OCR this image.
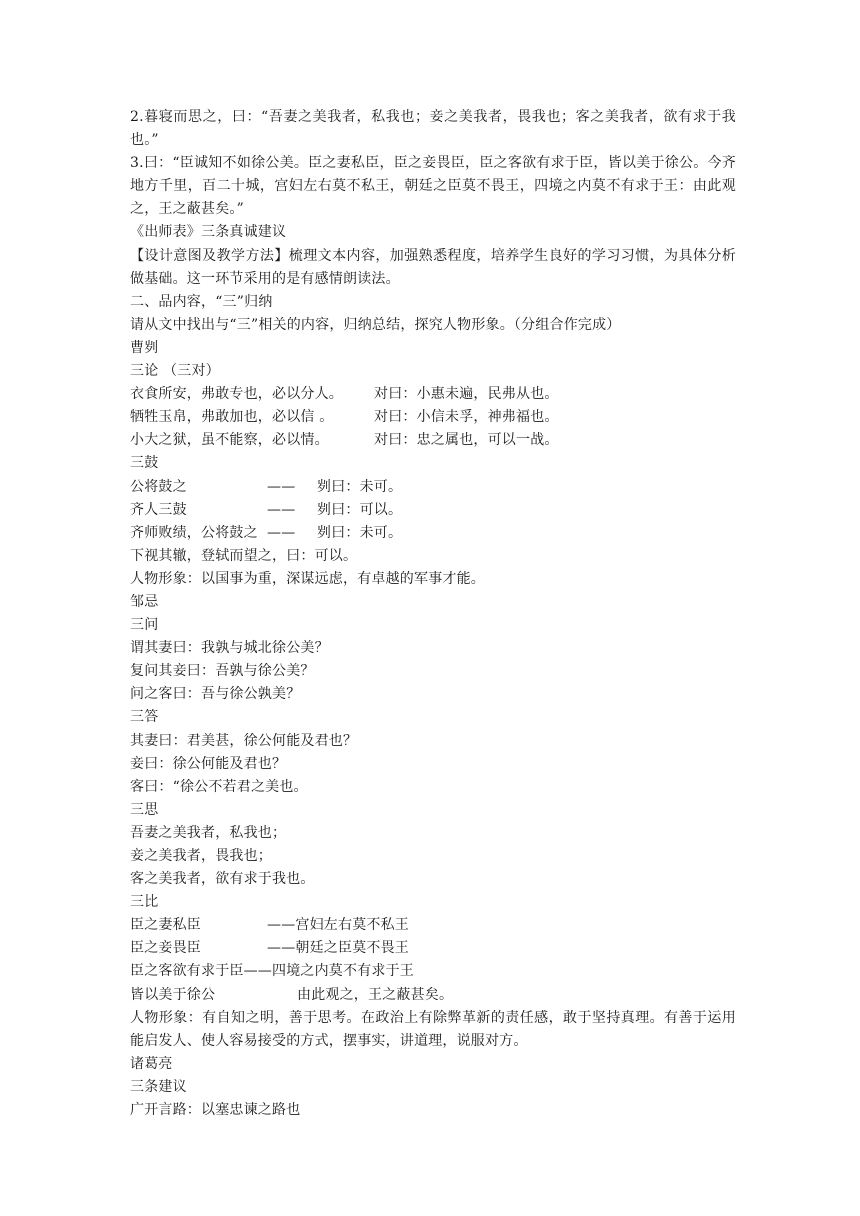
2.暮寝而思之，曰：“吾妻之美我者，私我也；妾之美我者，畏我也；客之美我者，欲有求于我也。”
3.曰：“臣诚知不如徐公美。臣之妻私臣，臣之妾畏臣，臣之客欲有求于臣，皆以美于徐公。今齐地方千里，百二十城，宫妇左右莫不私王，朝廷之臣莫不畏王，四境之内莫不有求于王：由此观之，王之蔽甚矣。”
《出师表》三条真诚建议
【设计意图及教学方法】梳理文本内容，加强熟悉程度，培养学生良好的学习习惯，为具体分析做基础。这一环节采用的是有感情朗读法。
二、品内容，“三”归纳
请从文中找出与“三”相关的内容，归纳总结，探究人物形象。（分组合作完成）
曹刿
三论 （三对）
衣食所安，弗敢专也，必以分人。	对曰：小惠未遍，民弗从也。
牺牲玉帛，弗敢加也，必以信 。	对曰：小信未孚，神弗福也。
小大之狱，虽不能察，必以情。	对曰：忠之属也，可以一战。
三鼓
公将鼓之	——	刿曰：未可。
齐人三鼓	——	刿曰：可以。
齐师败绩，公将鼓之 ——	刿曰：未可。
下视其辙，登轼而望之，曰：可以。
人物形象：以国事为重，深谋远虑，有卓越的军事才能。
邹忌
三问
谓其妻曰：我孰与城北徐公美？
复问其妾曰：吾孰与徐公美？
问之客曰：吾与徐公孰美？
三答
其妻曰：君美甚，徐公何能及君也？
妾曰：徐公何能及君也？
客曰：“徐公不若君之美也。
三思
吾妻之美我者，私我也；
妾之美我者，畏我也；
客之美我者，欲有求于我也。
三比
臣之妻私臣	——宫妇左右莫不私王
臣之妾畏臣	——朝廷之臣莫不畏王
臣之客欲有求于臣 ——四境之内莫不有求于王
皆以美于徐公	由此观之，王之蔽甚矣。
人物形象：有自知之明，善于思考。在政治上有除弊革新的责任感，敢于坚持真理。有善于运用能启发人、使人容易接受的方式，摆事实，讲道理，说服对方。
诸葛亮
三条建议
广开言路：以塞忠谏之路也
